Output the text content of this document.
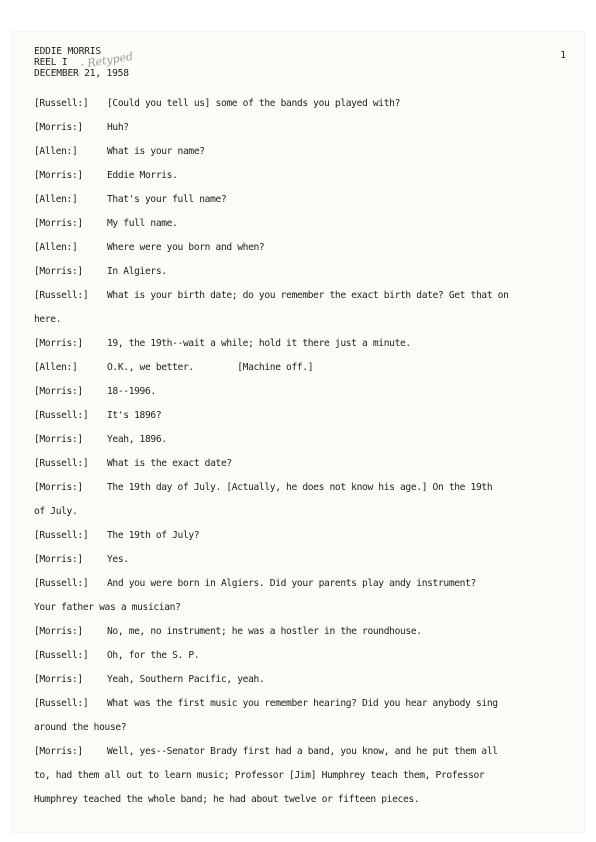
EDDIE MORRIS
REEL I
DECEMBER 21, 1958
- Retyped	1
[Russell:] [Could you tell us] some of the bands you played with?
[Morris:]	Huh?
[Allen:]	What is your name?
[Morris:]	Eddie Morris.
[Allen:]	That's your full name?
[Morris:]	My full name.
[Allen:]	Where were you born and when?
[Morris:]	In Algiers.
[Russell:] What is your birth date; do you remember the exact birth date? Get that on
here.
[Morris:]	19, the 19th--wait a while; hold it there just a minute.
[Allen:]	O.K., we better.        [Machine off.]
[Morris:]	18--1996.
[Russell:] It's 1896?
[Morris:]	Yeah, 1896.
[Russell:] What is the exact date?
[Morris:]	The 19th day of July. [Actually, he does not know his age.] On the 19th
of July.
[Russell:] The 19th of July?
[Morris:]	Yes.
[Russell:] And you were born in Algiers. Did your parents play andy instrument?
Your father was a musician?
[Morris:]	No, me, no instrument; he was a hostler in the roundhouse.
[Russell:] Oh, for the S. P.
[Morris:]	Yeah, Southern Pacific, yeah.
[Russell:] What was the first music you remember hearing? Did you hear anybody sing
around the house?
[Morris:]	Well, yes--Senator Brady first had a band, you know, and he put them all
to, had them all out to learn music; Professor [Jim] Humphrey teach them, Professor
Humphrey teached the whole band; he had about twelve or fifteen pieces.
